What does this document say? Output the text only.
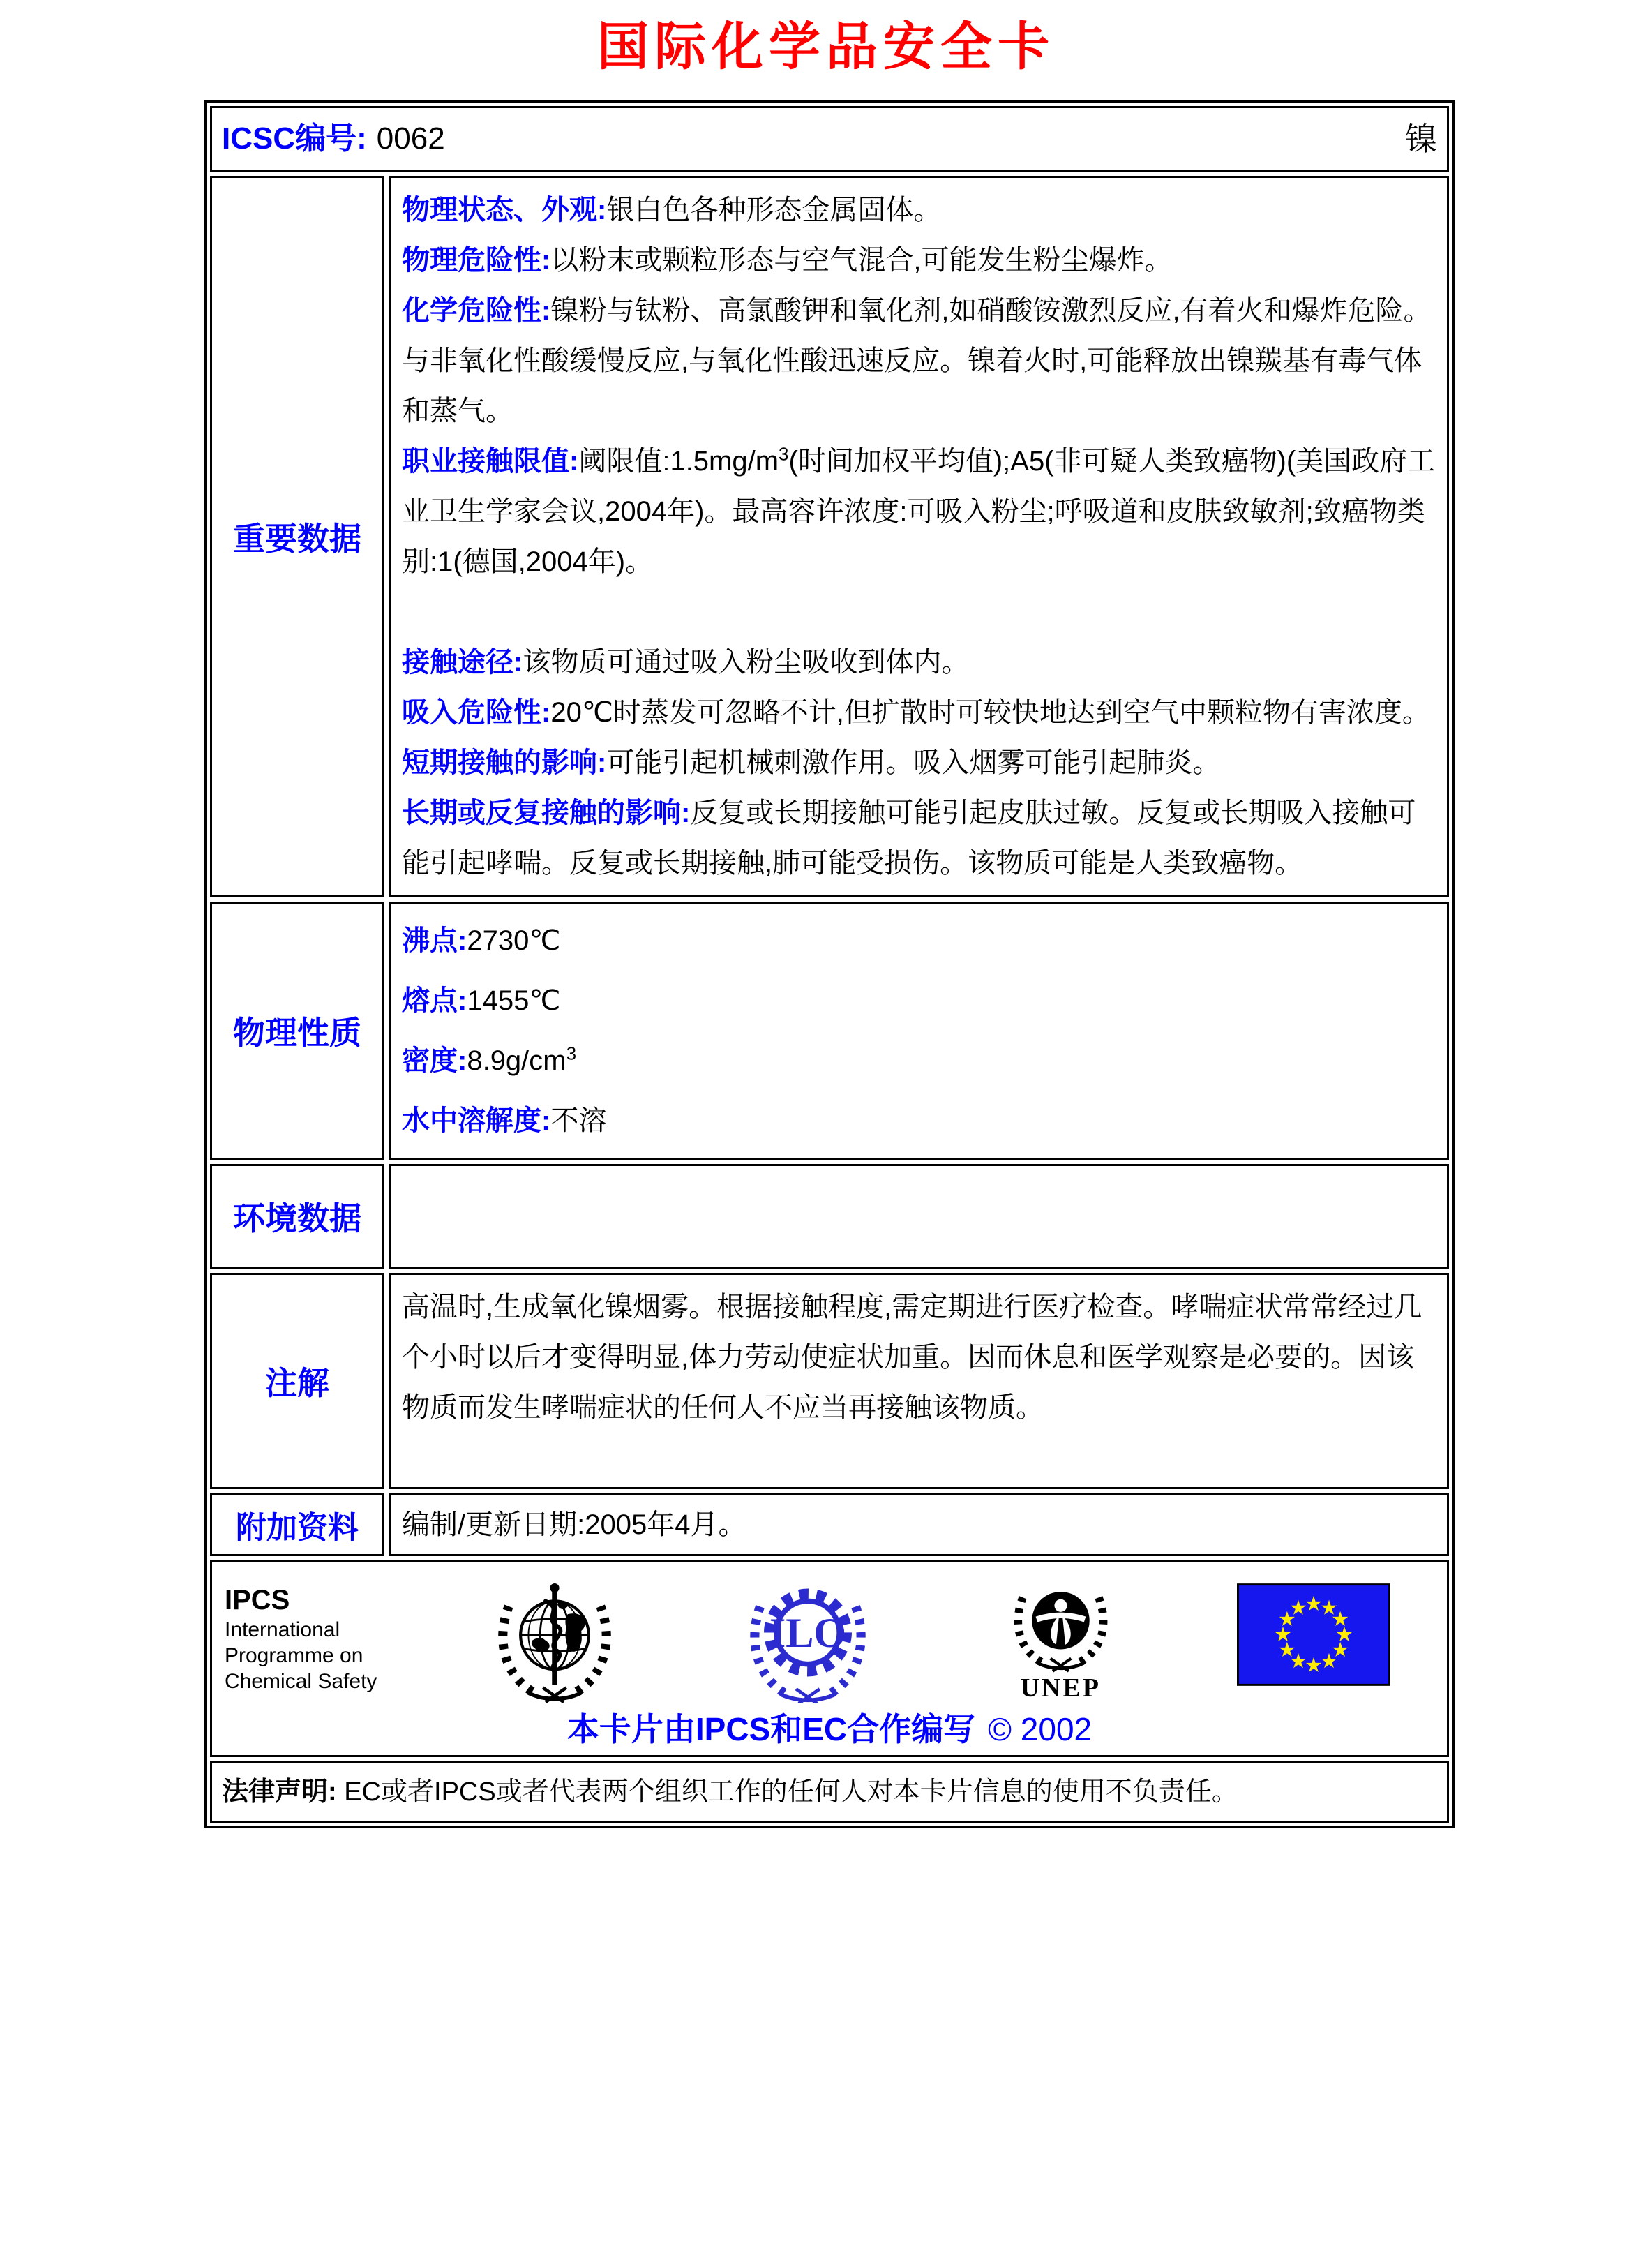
国际化学品安全卡
ICSC编号: 0062	镍
重要数据
物理状态、外观:银白色各种形态金属固体。
物理危险性:以粉末或颗粒形态与空气混合,可能发生粉尘爆炸。
化学危险性:镍粉与钛粉、高氯酸钾和氧化剂,如硝酸铵激烈反应,有着火和爆炸危险。与非氧化性酸缓慢反应,与氧化性酸迅速反应。镍着火时,可能释放出镍羰基有毒气体和蒸气。
职业接触限值:阈限值$:1.5mg/m^3$(时间加权平均值);A5(非可疑人类致癌物)(美国政府工业卫生学家会议,2004年)。最高容许浓度:可吸入粉尘;呼吸道和皮肤致敏剂;致癌物类别:1(德国,2004年)。
接触途径:该物质可通过吸入粉尘吸收到体内。
吸入危险性:20℃时蒸发可忽略不计,但扩散时可较快地达到空气中颗粒物有害浓度。
短期接触的影响:可能引起机械刺激作用。吸入烟雾可能引起肺炎。
长期或反复接触的影响:反复或长期接触可能引起皮肤过敏。反复或长期吸入接触可能引起哮喘。反复或长期接触,肺可能受损伤。该物质可能是人类致癌物。
物理性质
沸点:2730℃
熔点:1455℃
密度$:8.9g/cm^3$
水中溶解度:不溶
环境数据
注解
高温时,生成氧化镍烟雾。根据接触程度,需定期进行医疗检查。哮喘症状常常经过几个小时以后才变得明显,体力劳动使症状加重。因而休息和医学观察是必要的。因该物质而发生哮喘症状的任何人不应当再接触该物质。
附加资料	编制/更新日期:2005年4月。
IPCS
International
Programme on
Chemical Safety
ILO
UNEP
本卡片由IPCS和EC合作编写 © 2002
法律声明: EC或者IPCS或者代表两个组织工作的任何人对本卡片信息的使用不负责任。
